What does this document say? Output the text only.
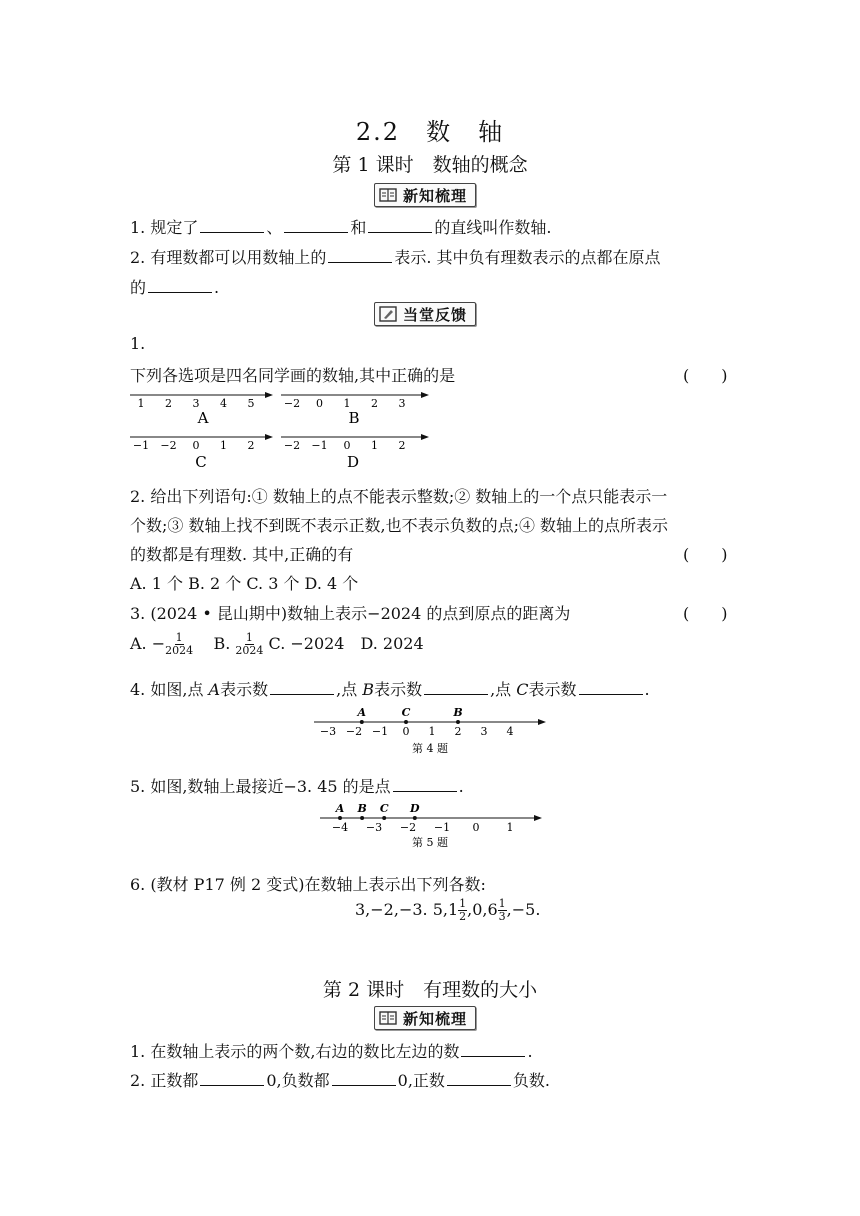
2.2　数　轴
第 1 课时　数轴的概念
新知梳理
1. 规定了	、	和	的直线叫作数轴.
2. 有理数都可以用数轴上的	表示. 其中负有理数表示的点都在原点
的	.
当堂反馈
1.
下列各选项是四名同学画的数轴,其中正确的是	(　　)
1 2 3 4 5
A
−2 0 1 2 3
B
−1 −2 0 1 2
C
−2 −1 0 1 2
D
2. 给出下列语句:① 数轴上的点不能表示整数;② 数轴上的一个点只能表示一
个数;③ 数轴上找不到既不表示正数,也不表示负数的点;④ 数轴上的点所表示
的数都是有理数. 其中,正确的有	(　　)
A. 1 个 B. 2 个 C. 3 个 D. 4 个
3. (2024 • 昆山期中)数轴上表示−2024 的点到原点的距离为	(　　)
A. − $\frac{1}{2024} B$. $\frac{1}{2024} C$. −2024　D. 2024
4. 如图,点 A表示数	,点 B表示数	,点 C表示数	.
−3 −2 −1 0 1 2 3 4
A	C	B
第 4 题
5. 如图,数轴上最接近−3. 45 的是点	.
−4 −3 −2 −1 0 1
A B C D
第 5 题
6. (教材 P17 例 2 变式)在数轴上表示出下列各数:
3,−2,−3. $5,1 \frac{1}{2} ,0,6 \frac{1}{3} ,-5$.
第 2 课时　有理数的大小
新知梳理
1. 在数轴上表示的两个数,右边的数比左边的数	.
2. 正数都	0,负数都	0,正数	负数.
